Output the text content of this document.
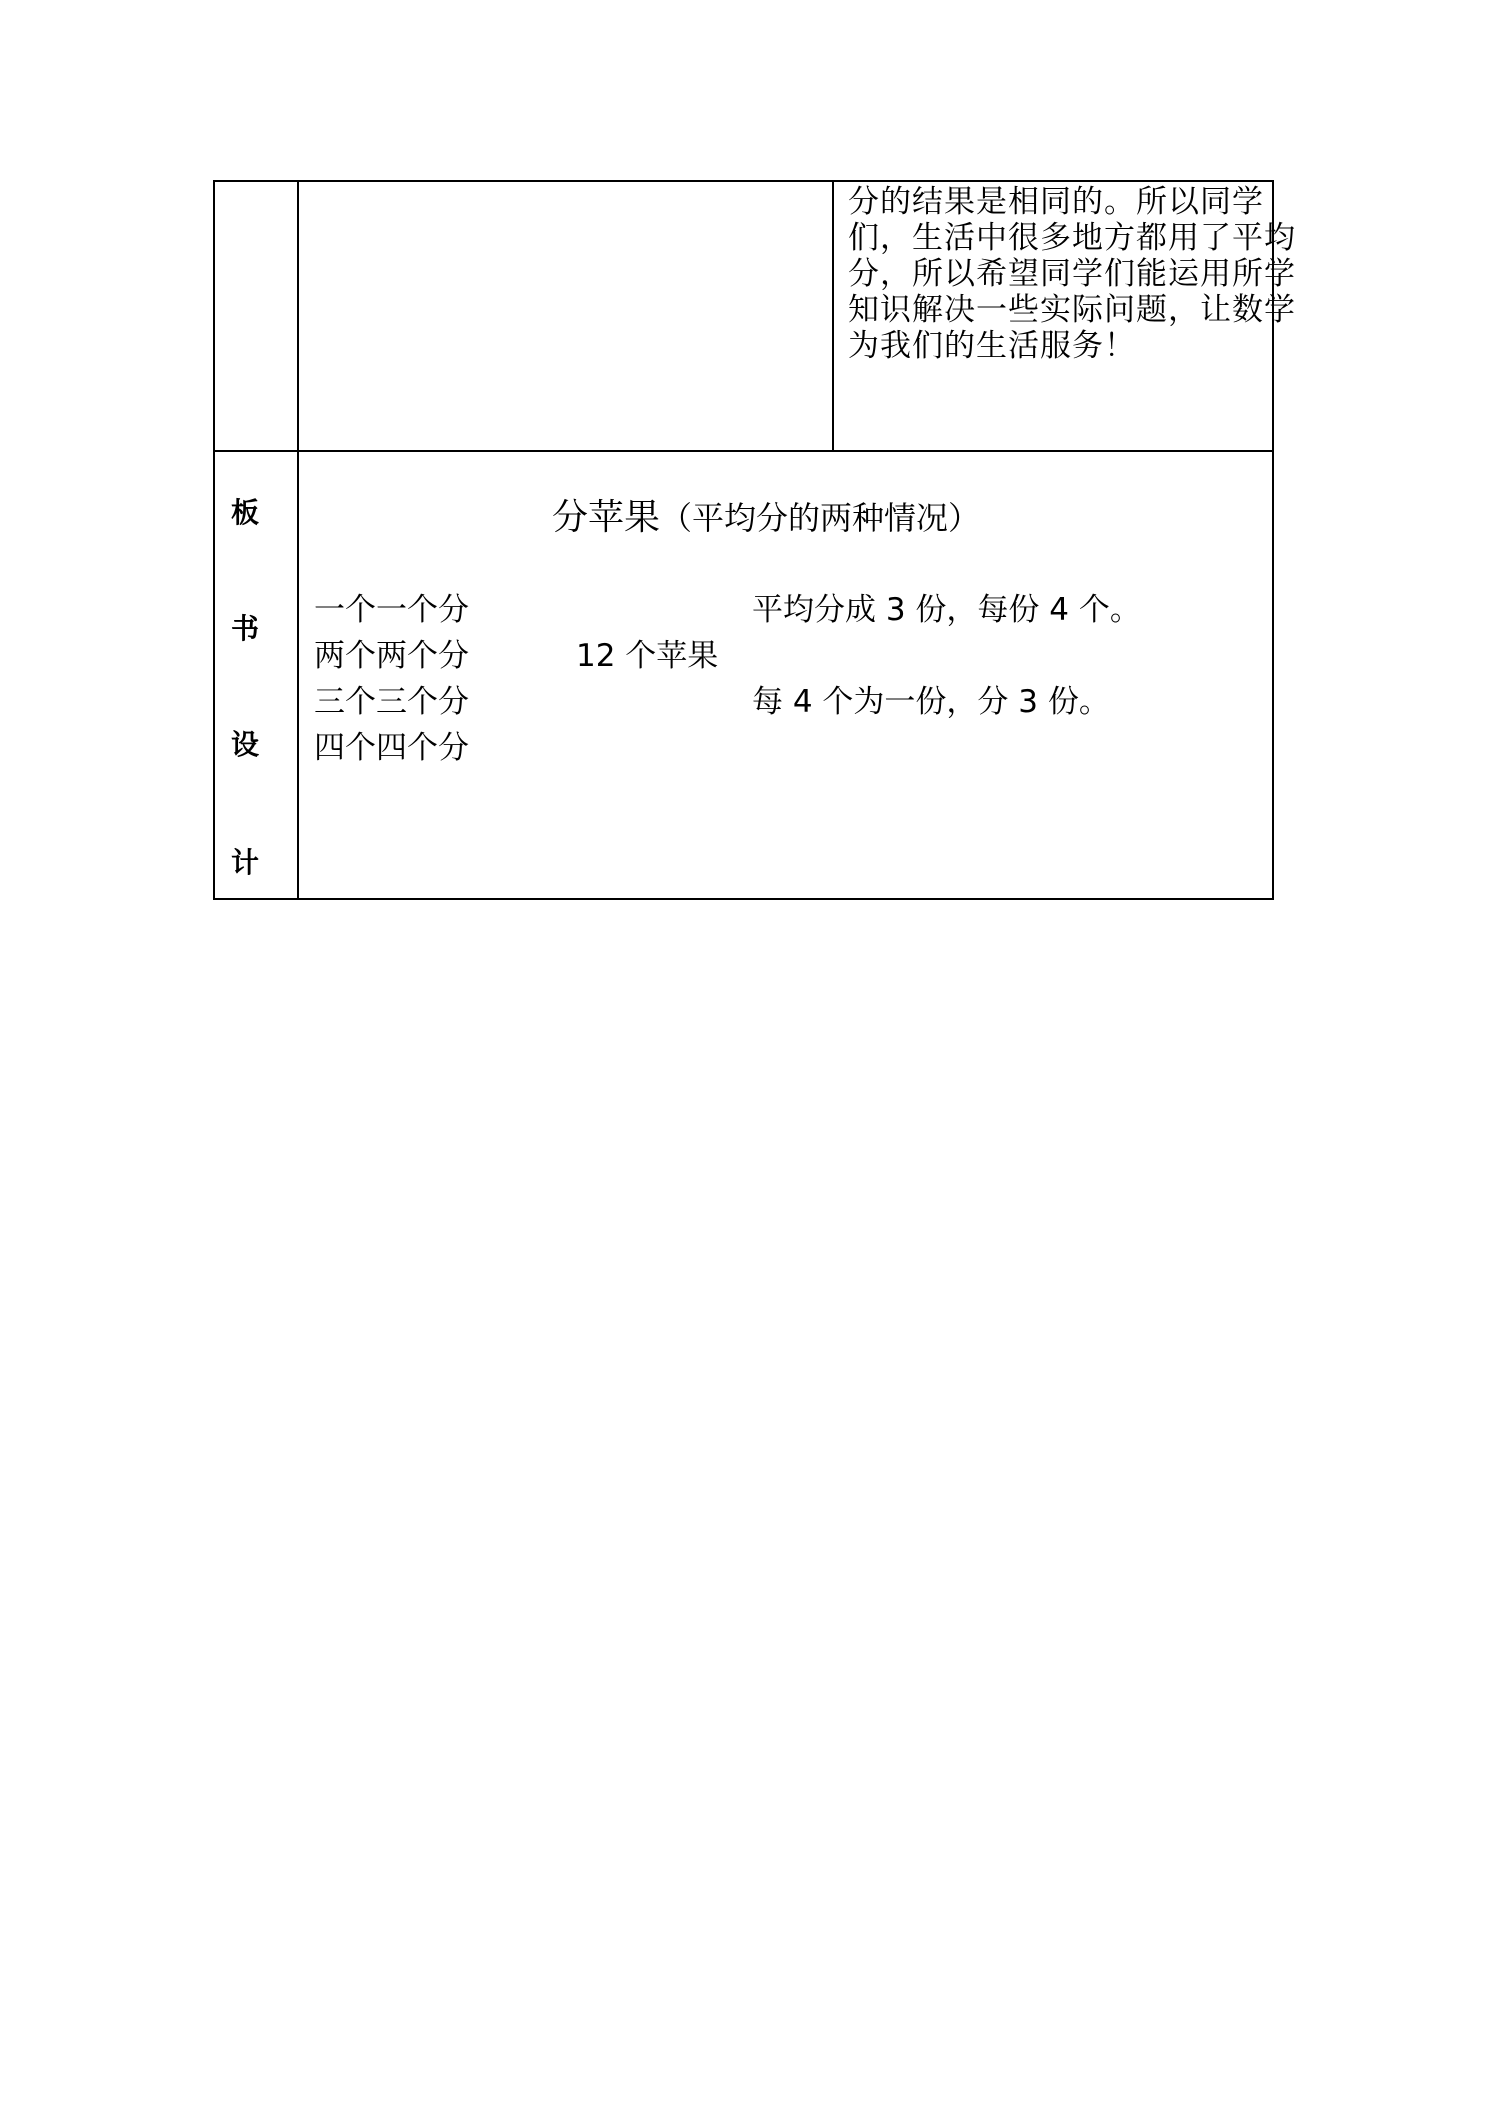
分的结果是相同的。所以同学
们，生活中很多地方都用了平均
分，所以希望同学们能运用所学
知识解决一些实际问题，让数学
为我们的生活服务！
板
书
设
计
分苹果（平均分的两种情况）
一个一个分
两个两个分
三个三个分
四个四个分
12 个苹果
平均分成 3 份，每份 4 个。
每 4 个为一份，分 3 份。
